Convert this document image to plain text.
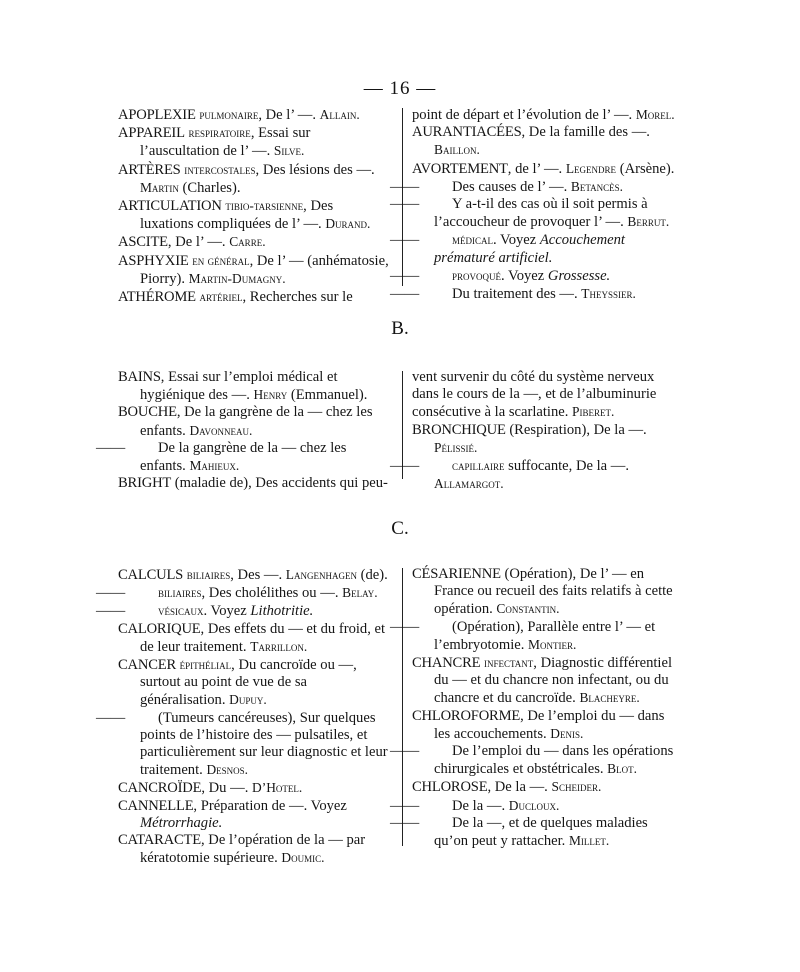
— 16 —

APOPLEXIE pulmonaire, De l’ —. Allain.

APPAREIL respiratoire, Essai sur l’auscultation de l’ —. Silve.

ARTÈRES intercostales, Des lésions des —. Martin (Charles).

ARTICULATION tibio-tarsienne, Des luxations compliquées de l’ —. Durand.

ASCITE, De l’ —. Carre.

ASPHYXIE en général, De l’ — (anhématosie, Piorry). Martin-Dumagny.

ATHÉROME artériel, Recherches sur le

point de départ et l’évolution de l’ —. Morel.

AURANTIACÉES, De la famille des —. Baillon.

AVORTEMENT, de l’ —. Legendre (Arsène).

—— Des causes de l’ —. Betancès.

—— Y a-t-il des cas où il soit permis à l’accoucheur de provoquer l’ —. Berrut.

—— médical. Voyez Accouchement prématuré artificiel.

—— provoqué. Voyez Grossesse.

—— Du traitement des —. Theyssier.

B.

BAINS, Essai sur l’emploi médical et hygiénique des —. Henry (Emmanuel).

BOUCHE, De la gangrène de la — chez les enfants. Davonneau.

—— De la gangrène de la — chez les enfants. Mahieux.

BRIGHT (maladie de), Des accidents qui peu-

vent survenir du côté du système nerveux dans le cours de la —, et de l’albuminurie consécutive à la scarlatine. Piberet.

BRONCHIQUE (Respiration), De la —. Pélissié.

—— capillaire suffocante, De la —. Allamargot.

C.

CALCULS biliaires, Des —. Langenhagen (de).

—— biliaires, Des cholélithes ou —. Belay.

—— vésicaux. Voyez Lithotritie.

CALORIQUE, Des effets du — et du froid, et de leur traitement. Tarrillon.

CANCER épithélial, Du cancroïde ou —, surtout au point de vue de sa généralisation. Dupuy.

—— (Tumeurs cancéreuses), Sur quelques points de l’histoire des — pulsatiles, et particulièrement sur leur diagnostic et leur traitement. Desnos.

CANCROÏDE, Du —. D’Hotel.

CANNELLE, Préparation de —. Voyez Métrorrhagie.

CATARACTE, De l’opération de la — par kératotomie supérieure. Doumic.

CÉSARIENNE (Opération), De l’ — en France ou recueil des faits relatifs à cette opération. Constantin.

—— (Opération), Parallèle entre l’ — et l’embryotomie. Montier.

CHANCRE infectant, Diagnostic différentiel du — et du chancre non infectant, ou du chancre et du cancroïde. Blacheyre.

CHLOROFORME, De l’emploi du — dans les accouchements. Denis.

—— De l’emploi du — dans les opérations chirurgicales et obstétricales. Blot.

CHLOROSE, De la —. Scheider.

—— De la —. Ducloux.

—— De la —, et de quelques maladies qu’on peut y rattacher. Millet.
